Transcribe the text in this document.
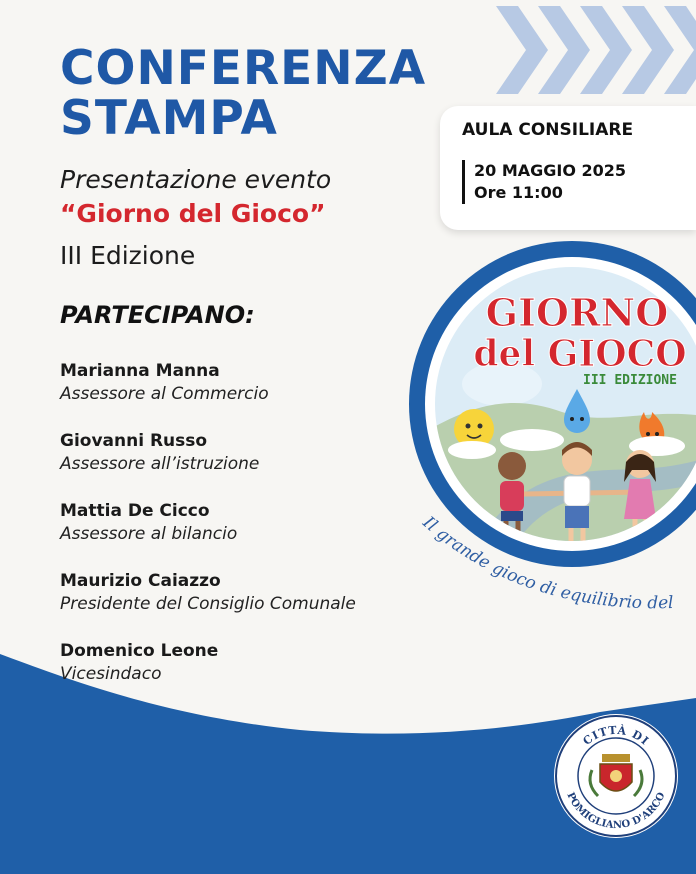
CONFERENZA
STAMPA
Presentazione evento
“Giorno del Gioco”
III Edizione
AULA CONSILIARE
20 MAGGIO 2025
Ore 11:00
PARTECIPANO:
Marianna Manna
Assessore al Commercio
Giovanni Russo
Assessore all’istruzione
Mattia De Cicco
Assessore al bilancio
Maurizio Caiazzo
Presidente del Consiglio Comunale
Domenico Leone
Vicesindaco
GIORNO
del GIOCO
III EDIZIONE
Il grande gioco di equilibrio del
CITTÀ DI
POMIGLIANO D'ARCO
